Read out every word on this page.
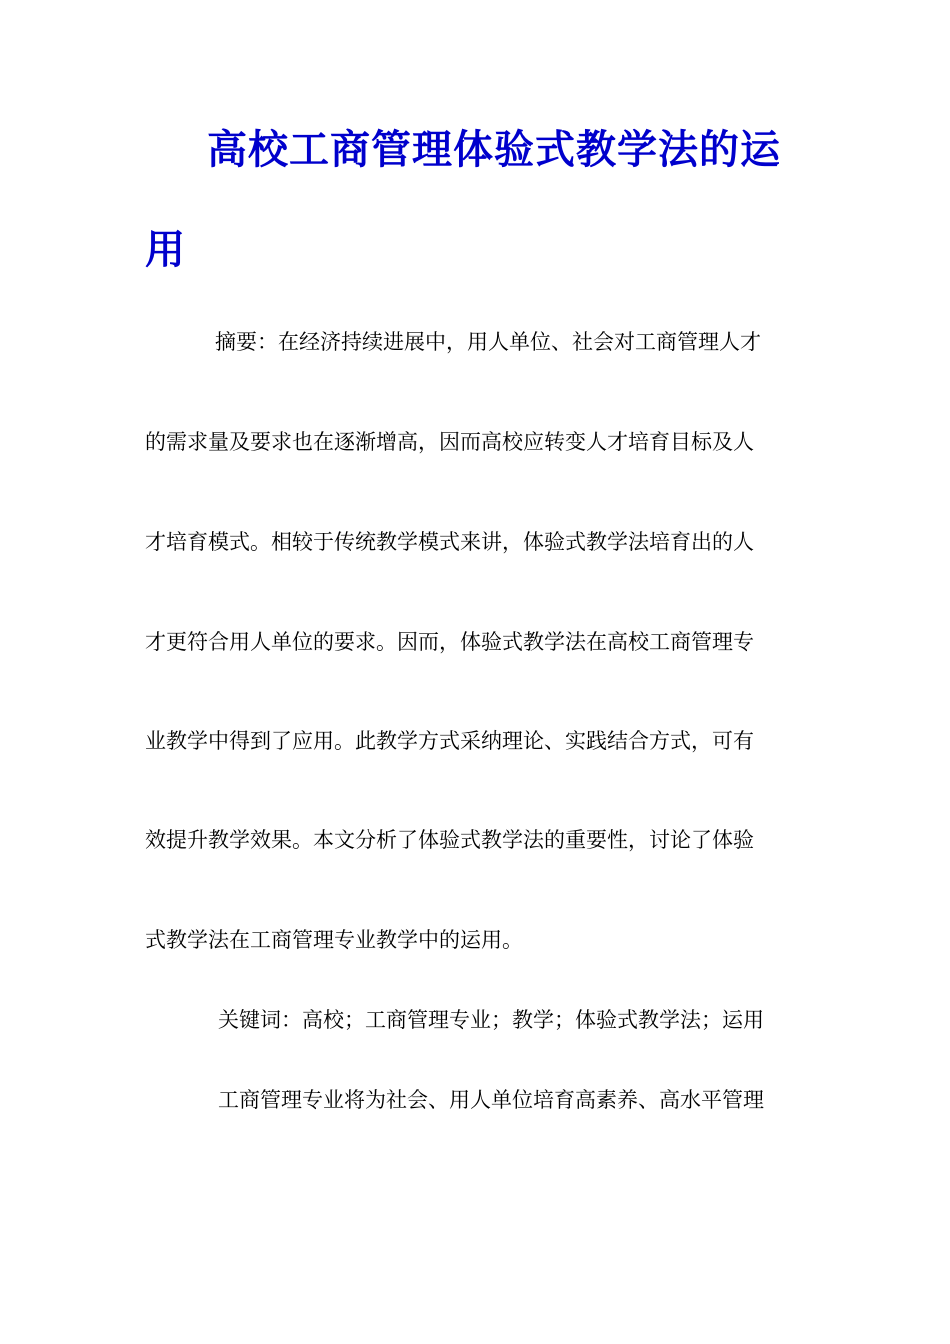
高校工商管理体验式教学法的运
用
摘要：在经济持续进展中，用人单位、社会对工商管理人才
的需求量及要求也在逐渐增高，因而高校应转变人才培育目标及人
才培育模式。相较于传统教学模式来讲，体验式教学法培育出的人
才更符合用人单位的要求。因而，体验式教学法在高校工商管理专
业教学中得到了应用。此教学方式采纳理论、实践结合方式，可有
效提升教学效果。本文分析了体验式教学法的重要性，讨论了体验
式教学法在工商管理专业教学中的运用。
关键词：高校；工商管理专业；教学；体验式教学法；运用
工商管理专业将为社会、用人单位培育高素养、高水平管理
